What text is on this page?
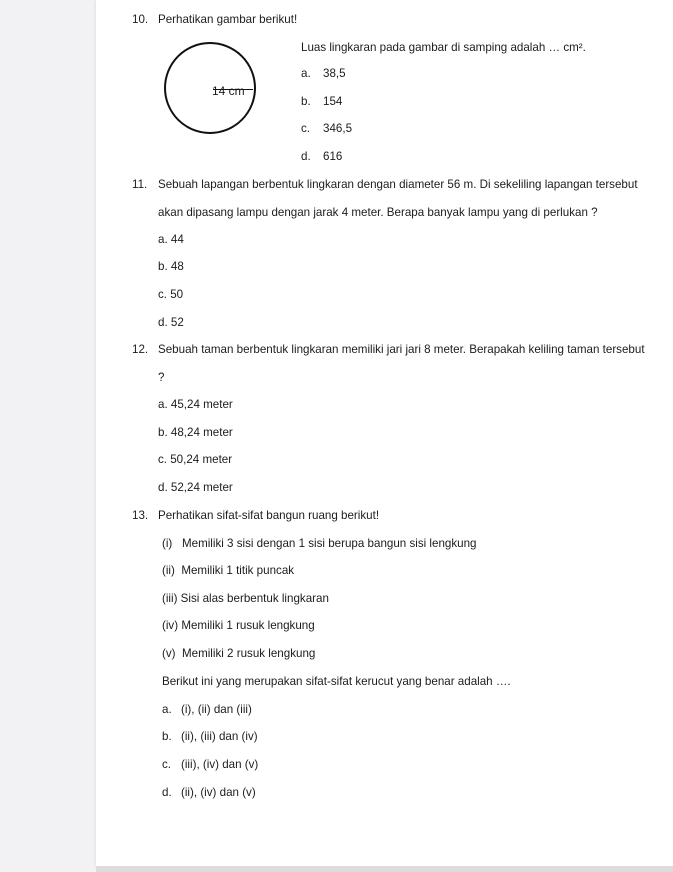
10. Perhatikan gambar berikut!
14 cm
Luas lingkaran pada gambar di samping adalah … cm².
a. 38,5
b. 154
c. 346,5
d. 616
11. Sebuah lapangan berbentuk lingkaran dengan diameter 56 m. Di sekeliling lapangan tersebut
akan dipasang lampu dengan jarak 4 meter. Berapa banyak lampu yang di perlukan ?
a. 44
b. 48
c. 50
d. 52
12. Sebuah taman berbentuk lingkaran memiliki jari jari 8 meter. Berapakah keliling taman tersebut
?
a. 45,24 meter
b. 48,24 meter
c. 50,24 meter
d. 52,24 meter
13. Perhatikan sifat-sifat bangun ruang berikut!
(i)   Memiliki 3 sisi dengan 1 sisi berupa bangun sisi lengkung
(ii)  Memiliki 1 titik puncak
(iii) Sisi alas berbentuk lingkaran
(iv) Memiliki 1 rusuk lengkung
(v)  Memiliki 2 rusuk lengkung
Berikut ini yang merupakan sifat-sifat kerucut yang benar adalah ….
a. (i), (ii) dan (iii)
b. (ii), (iii) dan (iv)
c. (iii), (iv) dan (v)
d. (ii), (iv) dan (v)
